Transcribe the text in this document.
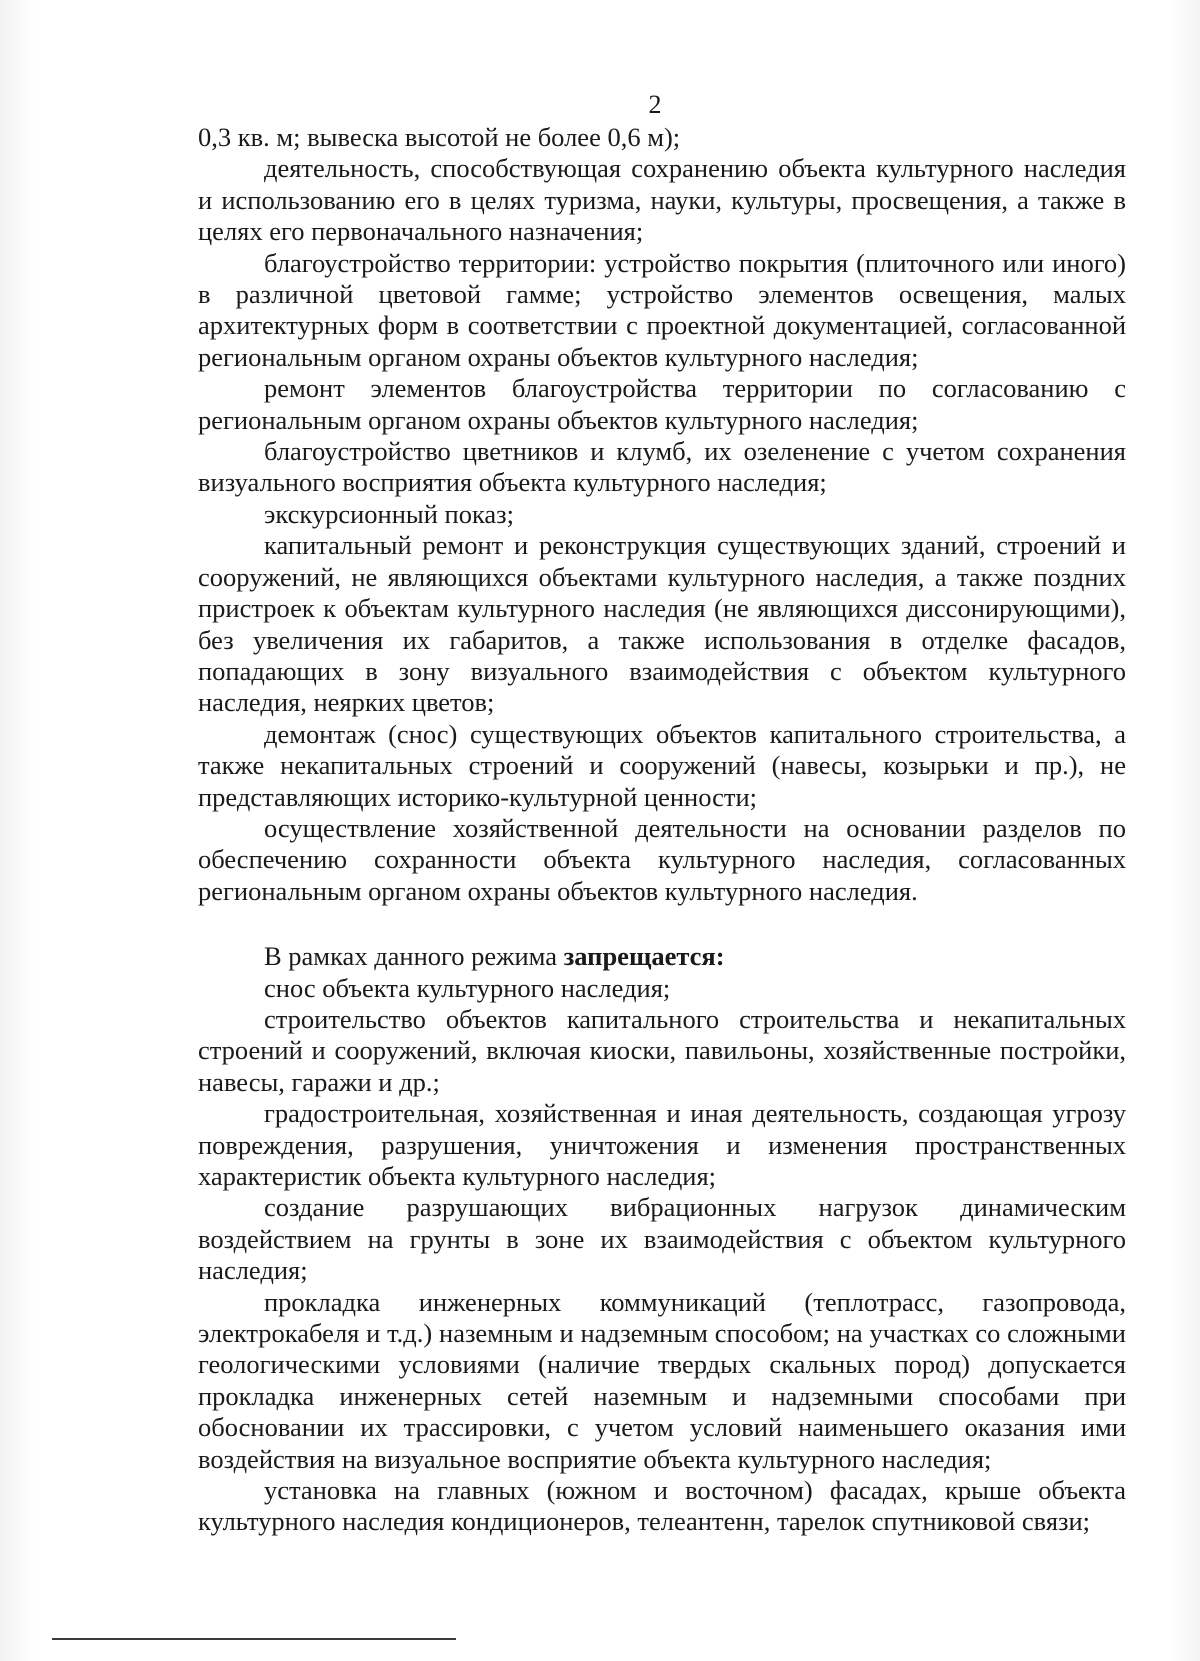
2

0,3 кв. м; вывеска высотой не более 0,6 м);

деятельность, способствующая сохранению объекта культурного наследия и использованию его в целях туризма, науки, культуры, просвещения, а также в целях его первоначального назначения;

благоустройство территории: устройство покрытия (плиточного или иного) в различной цветовой гамме; устройство элементов освещения, малых архитектурных форм в соответствии с проектной документацией, согласованной региональным органом охраны объектов культурного наследия;

ремонт элементов благоустройства территории по согласованию с региональным органом охраны объектов культурного наследия;

благоустройство цветников и клумб, их озеленение с учетом сохранения визуального восприятия объекта культурного наследия;

экскурсионный показ;

капитальный ремонт и реконструкция существующих зданий, строений и сооружений, не являющихся объектами культурного наследия, а также поздних пристроек к объектам культурного наследия (не являющихся диссонирующими), без увеличения их габаритов, а также использования в отделке фасадов, попадающих в зону визуального взаимодействия с объектом культурного наследия, неярких цветов;

демонтаж (снос) существующих объектов капитального строительства, а также некапитальных строений и сооружений (навесы, козырьки и пр.), не представляющих историко-культурной ценности;

осуществление хозяйственной деятельности на основании разделов по обеспечению сохранности объекта культурного наследия, согласованных региональным органом охраны объектов культурного наследия.

В рамках данного режима запрещается:

снос объекта культурного наследия;

строительство объектов капитального строительства и некапитальных строений и сооружений, включая киоски, павильоны, хозяйственные постройки, навесы, гаражи и др.;

градостроительная, хозяйственная и иная деятельность, создающая угрозу повреждения, разрушения, уничтожения и изменения пространственных характеристик объекта культурного наследия;

создание разрушающих вибрационных нагрузок динамическим воздействием на грунты в зоне их взаимодействия с объектом культурного наследия;

прокладка инженерных коммуникаций (теплотрасс, газопровода, электрокабеля и т.д.) наземным и надземным способом; на участках со сложными геологическими условиями (наличие твердых скальных пород) допускается прокладка инженерных сетей наземным и надземными способами при обосновании их трассировки, с учетом условий наименьшего оказания ими воздействия на визуальное восприятие объекта культурного наследия;

установка на главных (южном и восточном) фасадах, крыше объекта культурного наследия кондиционеров, телеантенн, тарелок спутниковой связи;
